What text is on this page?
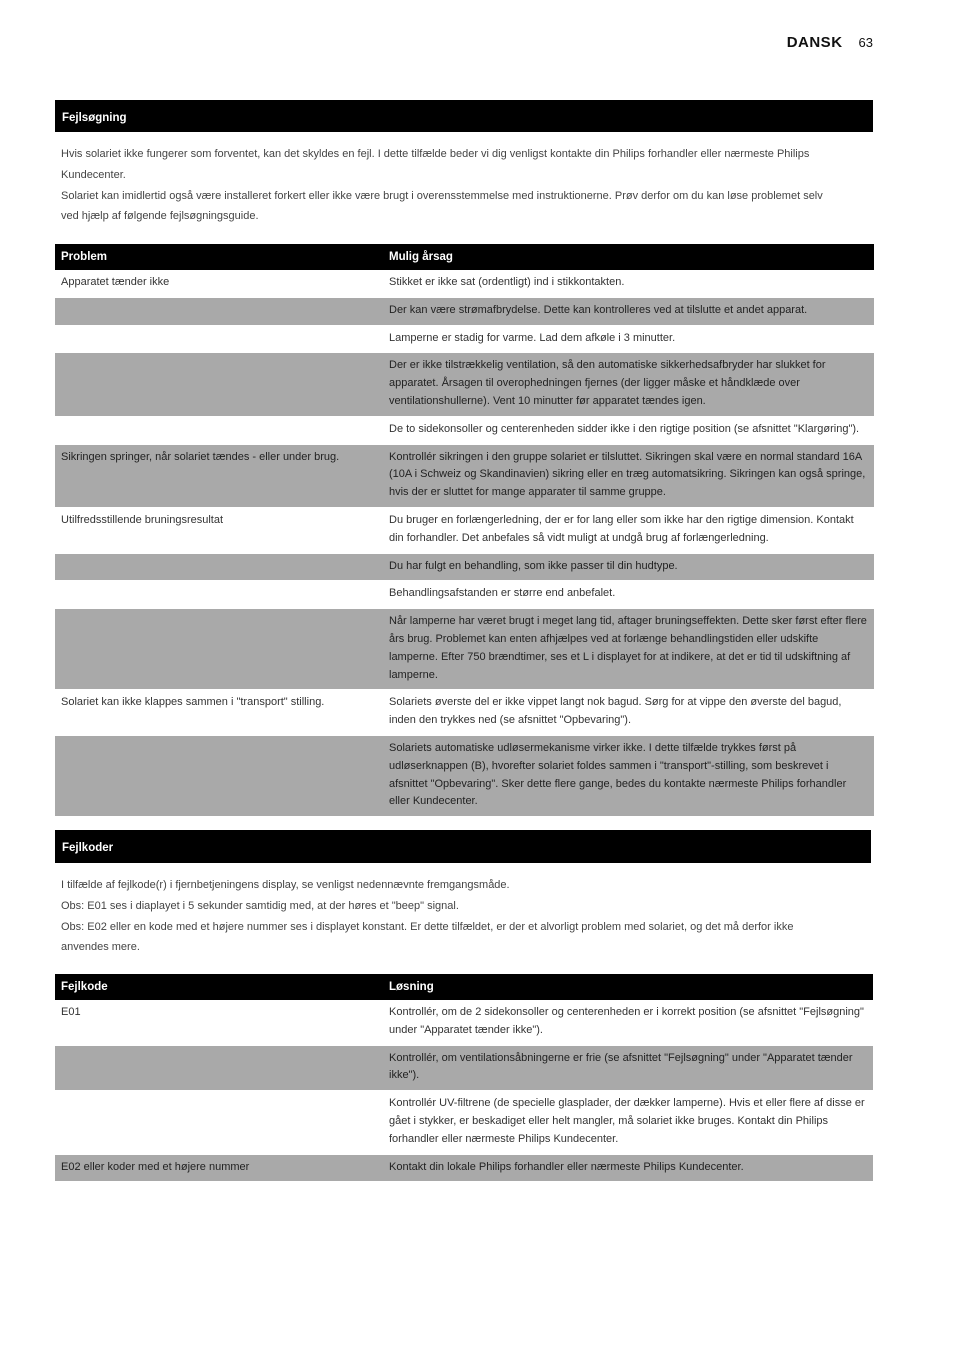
DANSK 63
Fejlsøgning

Hvis solariet ikke fungerer som forventet, kan det skyldes en fejl. I dette tilfælde beder vi dig venligst kontakte din Philips forhandler eller nærmeste Philips

Kundecenter.

Solariet kan imidlertid også være installeret forkert eller ikke være brugt i overensstemmelse med instruktionerne. Prøv derfor om du kan løse problemet selv

ved hjælp af følgende fejlsøgningsguide.

Problem	Mulig årsag
Apparatet tænder ikke	Stikket er ikke sat (ordentligt) ind i stikkontakten.
	Der kan være strømafbrydelse. Dette kan kontrolleres ved at tilslutte et andet apparat.
	Lamperne er stadig for varme. Lad dem afkøle i 3 minutter.
	Der er ikke tilstrækkelig ventilation, så den automatiske sikkerhedsafbryder har slukket for apparatet. Årsagen til overophedningen fjernes (der ligger måske et håndklæde over ventilationshullerne). Vent 10 minutter før apparatet tændes igen.
	De to sidekonsoller og centerenheden sidder ikke i den rigtige position (se afsnittet "Klargøring").
Sikringen springer, når solariet tændes - eller under brug.	Kontrollér sikringen i den gruppe solariet er tilsluttet. Sikringen skal være en normal standard 16A (10A i Schweiz og Skandinavien) sikring eller en træg automatsikring. Sikringen kan også springe, hvis der er sluttet for mange apparater til samme gruppe.
Utilfredsstillende bruningsresultat	Du bruger en forlængerledning, der er for lang eller som ikke har den rigtige dimension. Kontakt din forhandler. Det anbefales så vidt muligt at undgå brug af forlængerledning.
	Du har fulgt en behandling, som ikke passer til din hudtype.
	Behandlingsafstanden er større end anbefalet.
	Når lamperne har været brugt i meget lang tid, aftager bruningseffekten. Dette sker først efter flere års brug. Problemet kan enten afhjælpes ved at forlænge behandlingstiden eller udskifte lamperne. Efter 750 brændtimer, ses et L i displayet for at indikere, at det er tid til udskiftning af lamperne.
Solariet kan ikke klappes sammen i "transport" stilling.	Solariets øverste del er ikke vippet langt nok bagud. Sørg for at vippe den øverste del bagud, inden den trykkes ned (se afsnittet "Opbevaring").
	Solariets automatiske udløsermekanisme virker ikke. I dette tilfælde trykkes først på udløserknappen (B), hvorefter solariet foldes sammen i "transport"-stilling, som beskrevet i afsnittet "Opbevaring". Sker dette flere gange, bedes du kontakte nærmeste Philips forhandler eller Kundecenter.
Fejlkoder

I tilfælde af fejlkode(r) i fjernbetjeningens display, se venligst nedennævnte fremgangsmåde.

Obs: E01 ses i diaplayet i 5 sekunder samtidig med, at der høres et "beep" signal.

Obs: E02 eller en kode med et højere nummer ses i displayet konstant. Er dette tilfældet, er der et alvorligt problem med solariet, og det må derfor ikke

anvendes mere.

Fejlkode	Løsning
E01	Kontrollér, om de 2 sidekonsoller og centerenheden er i korrekt position (se afsnittet "Fejlsøgning" under "Apparatet tænder ikke").
	Kontrollér, om ventilationsåbningerne er frie (se afsnittet "Fejlsøgning" under "Apparatet tænder ikke").
	Kontrollér UV-filtrene (de specielle glasplader, der dækker lamperne). Hvis et eller flere af disse er gået i stykker, er beskadiget eller helt mangler, må solariet ikke bruges. Kontakt din Philips forhandler eller nærmeste Philips Kundecenter.
E02 eller koder med et højere nummer	Kontakt din lokale Philips forhandler eller nærmeste Philips Kundecenter.
